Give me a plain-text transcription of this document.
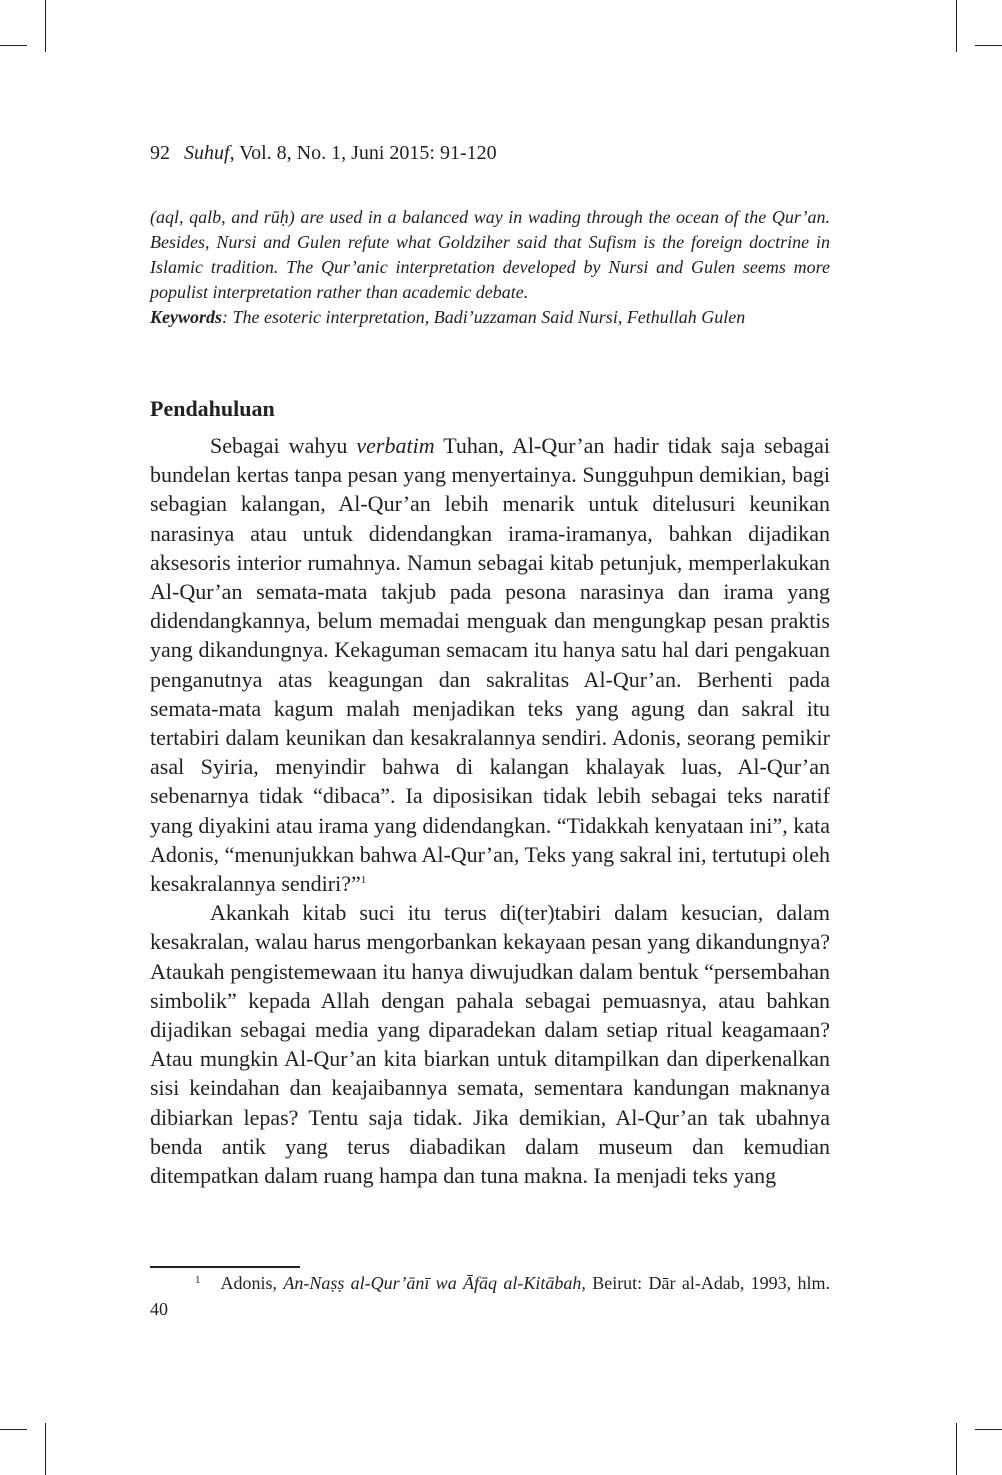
92 Suhuf, Vol. 8, No. 1, Juni 2015: 91-120

(aql, qalb, and rūḥ) are used in a balanced way in wading through the ocean of the Qur’an. Besides, Nursi and Gulen refute what Goldziher said that Sufism is the foreign doctrine in Islamic tradition. The Qur’anic interpretation developed by Nursi and Gulen seems more populist interpretation rather than academic debate.

Keywords: The esoteric interpretation, Badi’uzzaman Said Nursi, Fethullah Gulen

Pendahuluan

Sebagai wahyu verbatim Tuhan, Al-Qur’an hadir tidak saja sebagai bundelan kertas tanpa pesan yang menyertainya. Sungguhpun demikian, bagi sebagian kalangan, Al-Qur’an lebih menarik untuk ditelusuri keunikan narasinya atau untuk didendangkan irama-iramanya, bahkan dijadikan aksesoris interior rumahnya. Namun sebagai kitab petunjuk, memperlakukan Al-Qur’an semata-mata takjub pada pesona narasinya dan irama yang didendangkannya, belum memadai menguak dan mengungkap pesan praktis yang dikandungnya. Kekaguman semacam itu hanya satu hal dari pengakuan penganutnya atas keagungan dan sakralitas Al-Qur’an. Berhenti pada semata-mata kagum malah menjadikan teks yang agung dan sakral itu tertabiri dalam keunikan dan kesakralannya sendiri. Adonis, seorang pemikir asal Syiria, menyindir bahwa di kalangan khalayak luas, Al-Qur’an sebenarnya tidak “dibaca”. Ia diposisikan tidak lebih sebagai teks naratif yang diyakini atau irama yang didendangkan. “Tidakkah kenyataan ini”, kata Adonis, “menunjukkan bahwa Al-Qur’an, Teks yang sakral ini, tertutupi oleh kesakralannya sendiri?”$^1$

Akankah kitab suci itu terus di(ter)tabiri dalam kesucian, dalam kesakralan, walau harus mengorbankan kekayaan pesan yang dikandungnya? Ataukah pengistemewaan itu hanya diwujudkan dalam bentuk “persembahan simbolik” kepada Allah dengan pahala sebagai pemuasnya, atau bahkan dijadikan sebagai media yang diparadekan dalam setiap ritual keagamaan? Atau mungkin Al-Qur’an kita biarkan untuk ditampilkan dan diperkenalkan sisi keindahan dan keajaibannya semata, sementara kandungan maknanya dibiarkan lepas? Tentu saja tidak. Jika demikian, Al-Qur’an tak ubahnya benda antik yang terus diabadikan dalam museum dan kemudian ditempatkan dalam ruang hampa dan tuna makna. Ia menjadi teks yang

$^1$ Adonis, An-Naṣṣ al-Qur’ānī wa Āfāq al-Kitābah, Beirut: Dār al-Adab, 1993, hlm. 40
